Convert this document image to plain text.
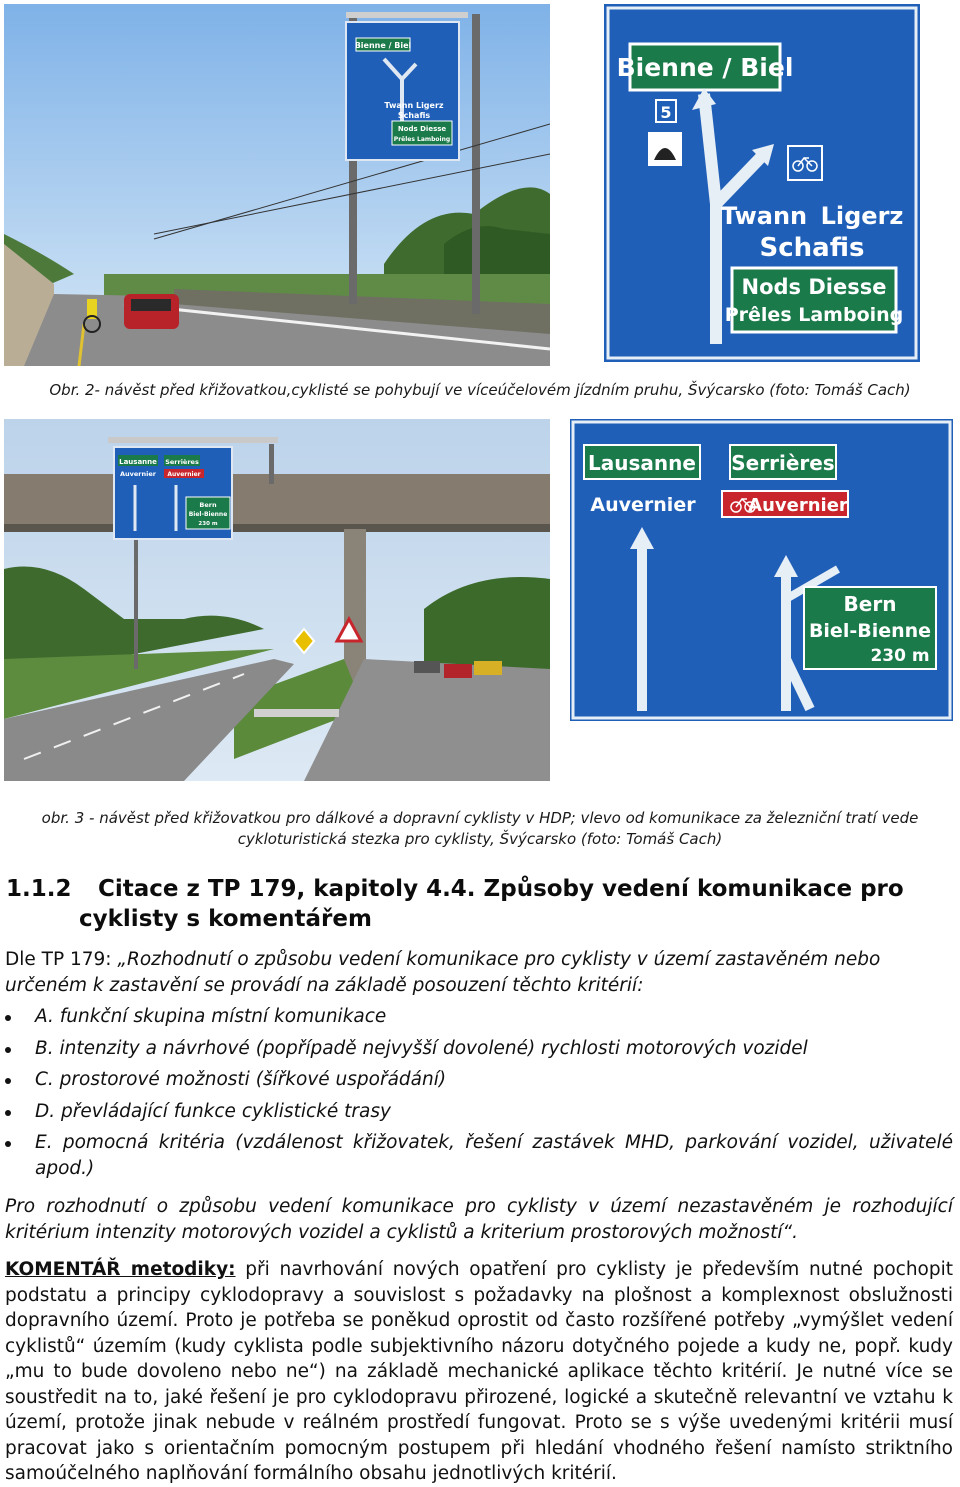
Bienne / Biel
Twann Ligerz
Schafis
Nods Diesse
Prêles Lamboing
Bienne / Biel
5
Twann Ligerz
Schafis
Nods Diesse
Prêles Lamboing
Obr. 2- návěst před křižovatkou,cyklisté se pohybují ve víceúčelovém jízdním pruhu, Švýcarsko (foto: Tomáš Cach)
Lausanne
Auvernier
Serrières
Auvernier
Bern
Biel-Bienne
230 m
Lausanne
Auvernier
Serrières
Auvernier
Bern
Biel-Bienne
230 m
obr. 3 - návěst před křižovatkou pro dálkové a dopravní cyklisty v HDP; vlevo od komunikace za železniční tratí vede
cykloturistická stezka pro cyklisty, Švýcarsko (foto: Tomáš Cach)
1.1.2 Citace z TP 179, kapitoly 4.4. Způsoby vedení komunikace pro
cyklisty s komentářem
Dle TP 179: „Rozhodnutí o způsobu vedení komunikace pro cyklisty v území zastavěném nebo
určeném k zastavění se provádí na základě posouzení těchto kritérií:
A. funkční skupina místní komunikace
B. intenzity a návrhové (popřípadě nejvyšší dovolené) rychlosti motorových vozidel
C. prostorové možnosti (šířkové uspořádání)
D. převládající funkce cyklistické trasy
E. pomocná kritéria (vzdálenost křižovatek, řešení zastávek MHD, parkování vozidel, uživatelé apod.)
Pro rozhodnutí o způsobu vedení komunikace pro cyklisty v území nezastavěném je rozhodující kritérium intenzity motorových vozidel a cyklistů a kriterium prostorových možností“.
KOMENTÁŘ metodiky: při navrhování nových opatření pro cyklisty je především nutné pochopit podstatu a principy cyklodopravy a souvislost s požadavky na plošnost a komplexnost obslužnosti dopravního území. Proto je potřeba se poněkud oprostit od často rozšířené potřeby „vymýšlet vedení cyklistů“ územím (kudy cyklista podle subjektivního názoru dotyčného pojede a kudy ne, popř. kudy „mu to bude dovoleno nebo ne“) na základě mechanické aplikace těchto kritérií. Je nutné více se soustředit na to, jaké řešení je pro cyklodopravu přirozené, logické a skutečně relevantní ve vztahu k území, protože jinak nebude v reálném prostředí fungovat. Proto se s výše uvedenými kritérii musí pracovat jako s orientačním pomocným postupem při hledání vhodného řešení namísto striktního samoúčelného naplňování formálního obsahu jednotlivých kritérií.
